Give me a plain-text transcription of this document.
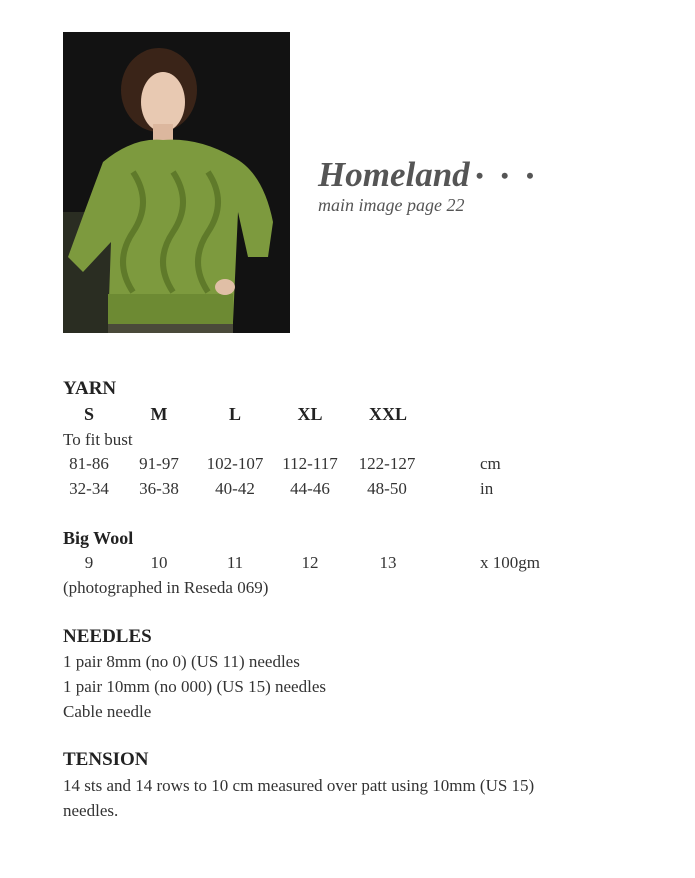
Homeland • • •
main image page 22
YARN
S	M	L	XL	XXL
To fit bust
81-86	91-97	102-107	112-117	122-127	cm
32-34	36-38	40-42	44-46	48-50	in
Big Wool
9	10	11	12	13	x 100gm
(photographed in Reseda 069)
NEEDLES
1 pair 8mm (no 0) (US 11) needles
1 pair 10mm (no 000) (US 15) needles
Cable needle
TENSION
14 sts and 14 rows to 10 cm measured over patt using 10mm (US 15)
needles.
